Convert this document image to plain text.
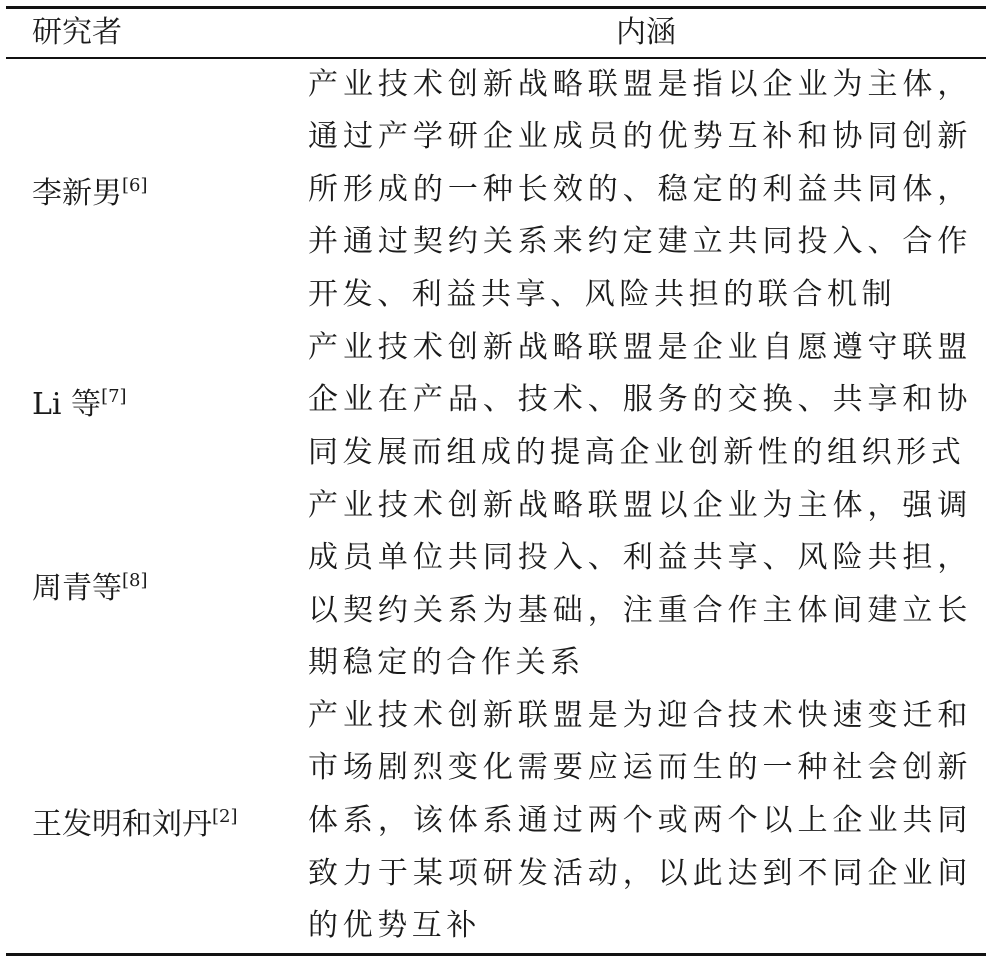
研究者	内涵
李新男[6]	产业技术创新战略联盟是指以企业为主体，通过产学研企业成员的优势互补和协同创新所形成的一种长效的、稳定的利益共同体，并通过契约关系来约定建立共同投入、合作开发、利益共享、风险共担的联合机制
Li 等[7]	产业技术创新战略联盟是企业自愿遵守联盟企业在产品、技术、服务的交换、共享和协同发展而组成的提高企业创新性的组织形式
周青等[8]	产业技术创新战略联盟以企业为主体，强调成员单位共同投入、利益共享、风险共担，以契约关系为基础，注重合作主体间建立长期稳定的合作关系
王发明和刘丹[2]	产业技术创新联盟是为迎合技术快速变迁和市场剧烈变化需要应运而生的一种社会创新体系，该体系通过两个或两个以上企业共同致力于某项研发活动，以此达到不同企业间的优势互补
